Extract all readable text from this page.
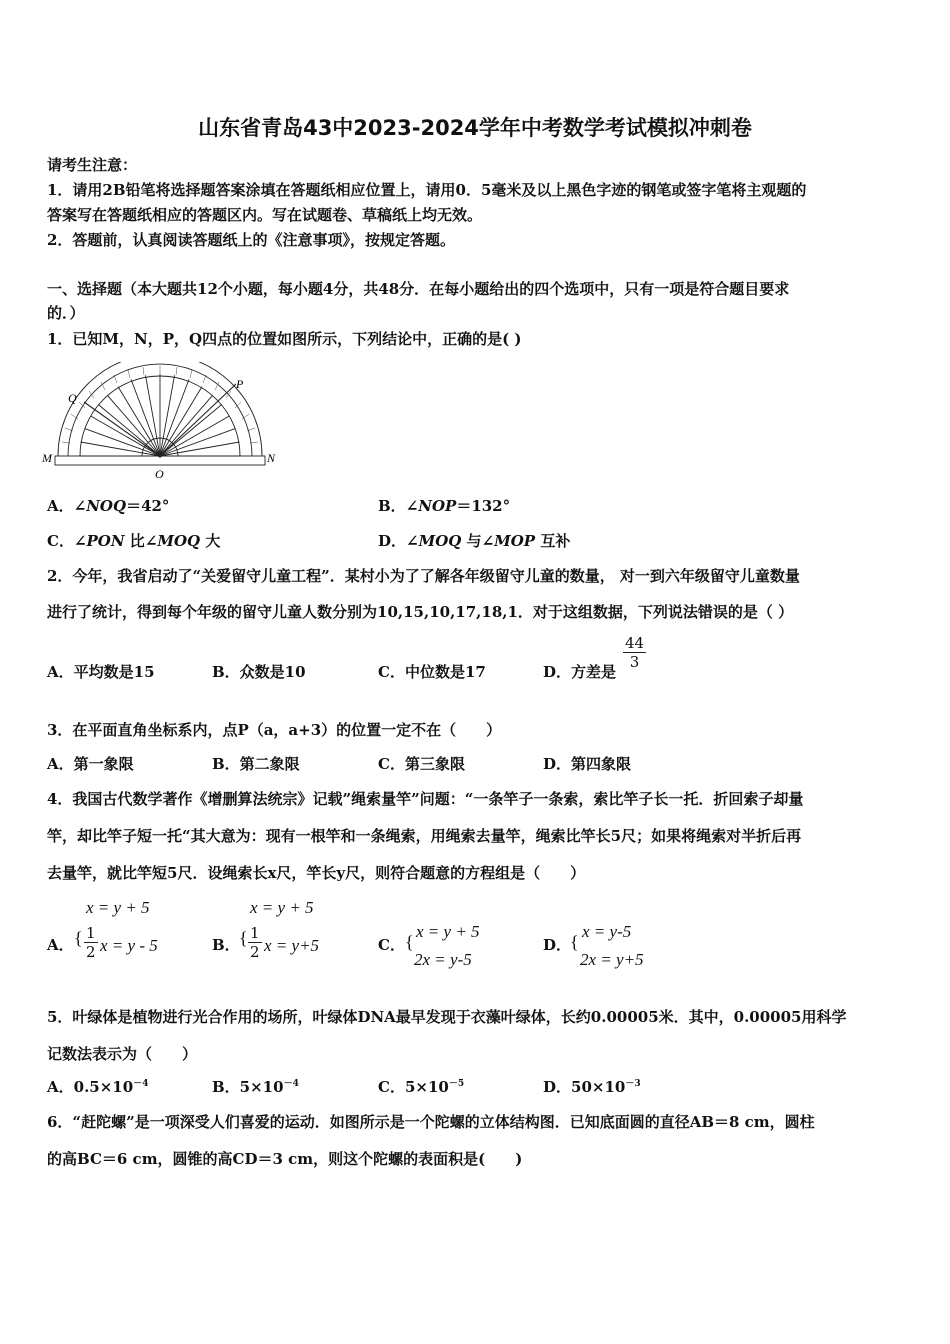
山东省青岛43中2023-2024学年中考数学考试模拟冲刺卷
请考生注意：
1．请用2B铅笔将选择题答案涂填在答题纸相应位置上，请用0．5毫米及以上黑色字迹的钢笔或签字笔将主观题的
答案写在答题纸相应的答题区内。写在试题卷、草稿纸上均无效。
2．答题前，认真阅读答题纸上的《注意事项》，按规定答题。
一、选择题（本大题共12个小题，每小题4分，共48分．在每小题给出的四个选项中，只有一项是符合题目要求
的．）
1．已知M，N，P，Q四点的位置如图所示，下列结论中，正确的是( )
M	N
O
P
Q
A．∠NOQ＝42°	B．∠NOP＝132°
C．∠PON 比∠MOQ 大	D．∠MOQ 与∠MOP 互补
2．今年，我省启动了“关爱留守儿童工程”．某村小为了了解各年级留守儿童的数量， 对一到六年级留守儿童数量
进行了统计，得到每个年级的留守儿童人数分别为10,15,10,17,18,1．对于这组数据，下列说法错误的是（ ）
A．平均数是15	B．众数是10	C．中位数是17	D．方差是
$\frac{44}{3}$
3．在平面直角坐标系内，点P（a，a+3）的位置一定不在（　　）
A．第一象限	B．第二象限	C．第三象限	D．第四象限
4．我国古代数学著作《增删算法统宗》记载”绳索量竿”问题：“一条竿子一条索，索比竿子长一托．折回索子却量
竿，却比竿子短一托“其大意为：现有一根竿和一条绳索，用绳索去量竿，绳索比竿长5尺；如果将绳索对半折后再
去量竿，就比竿短5尺．设绳索长x尺，竿长y尺，则符合题意的方程组是（　　）
A．
x = y + 5
{ $\frac{1}{2}$ x = y - 5	B．
x = y + 5
{ $\frac{1}{2}$ x = y+5	C． {
x = y + 5
2x = y-5
D．
{
x = y-5
2x = y+5
5．叶绿体是植物进行光合作用的场所，叶绿体DNA最早发现于衣藻叶绿体，长约0.00005米．其中，0.00005用科学
记数法表示为（　　）
A．$0.5\times 10^{-4}$	B．$5\times 10^{-4}$	C．$5\times 10^{-5}$	D．$50\times 10^{-3}$
6．“赶陀螺”是一项深受人们喜爱的运动．如图所示是一个陀螺的立体结构图．已知底面圆的直径AB＝8 cm，圆柱
的高BC＝6 cm，圆锥的高CD＝3 cm，则这个陀螺的表面积是(　　)
